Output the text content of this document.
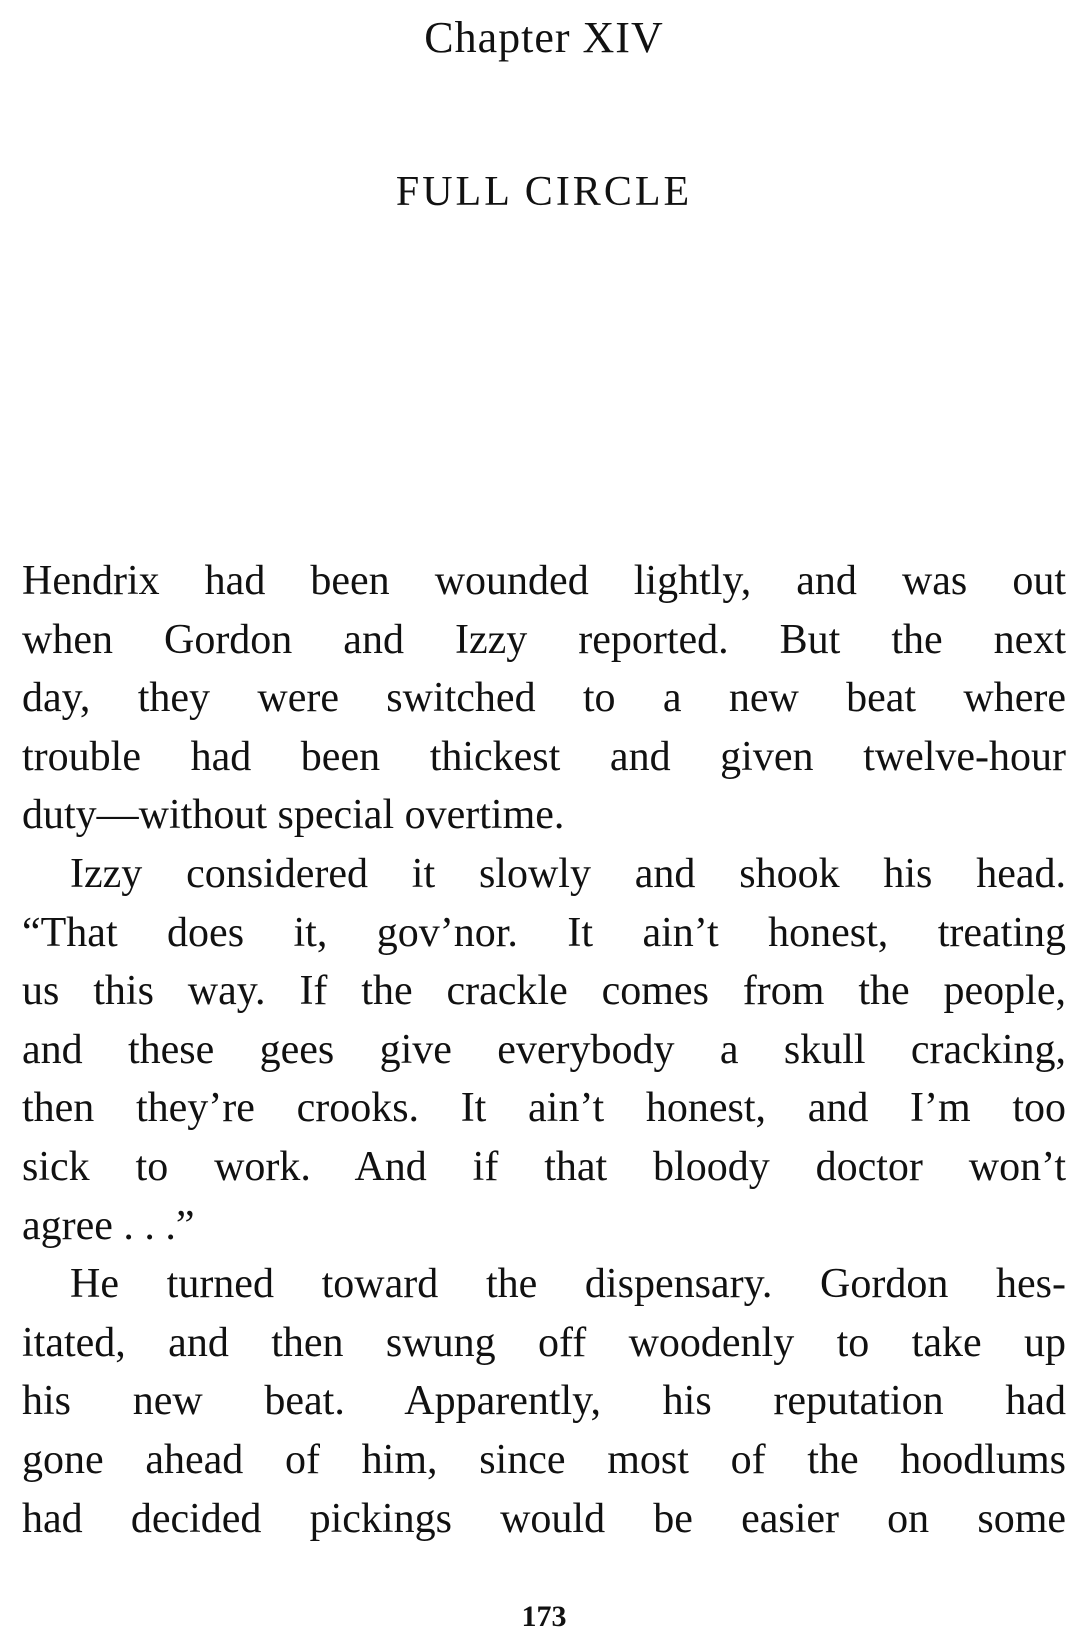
Chapter XIV
FULL CIRCLE
Hendrix had been wounded lightly, and was out
when Gordon and Izzy reported. But the next
day, they were switched to a new beat where
trouble had been thickest and given twelve-hour
duty—without special overtime.
Izzy considered it slowly and shook his head.
“That does it, gov’nor. It ain’t honest, treating
us this way. If the crackle comes from the people,
and these gees give everybody a skull cracking,
then they’re crooks. It ain’t honest, and I’m too
sick to work. And if that bloody doctor won’t
agree . . .”
He turned toward the dispensary. Gordon hes-
itated, and then swung off woodenly to take up
his new beat. Apparently, his reputation had
gone ahead of him, since most of the hoodlums
had decided pickings would be easier on some
173
